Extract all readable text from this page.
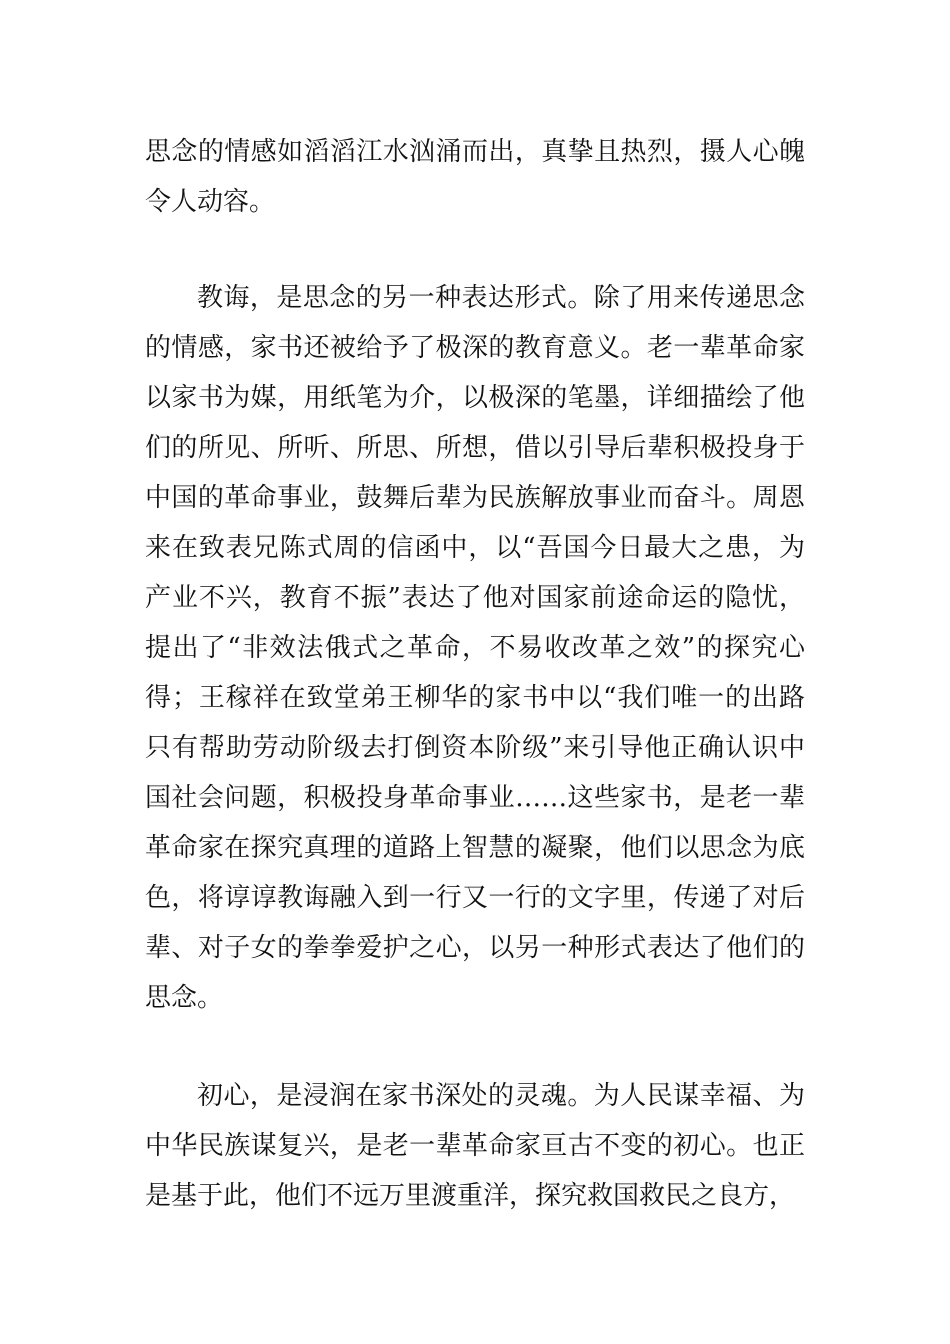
思念的情感如滔滔江水汹涌而出，真挚且热烈，摄人心魄令人动容。

教诲，是思念的另一种表达形式。除了用来传递思念的情感，家书还被给予了极深的教育意义。老一辈革命家以家书为媒，用纸笔为介，以极深的笔墨，详细描绘了他们的所见、所听、所思、所想，借以引导后辈积极投身于中国的革命事业，鼓舞后辈为民族解放事业而奋斗。周恩来在致表兄陈式周的信函中，以“吾国今日最大之患，为产业不兴，教育不振”表达了他对国家前途命运的隐忧，提出了“非效法俄式之革命，不易收改革之效”的探究心得；王稼祥在致堂弟王柳华的家书中以“我们唯一的出路只有帮助劳动阶级去打倒资本阶级”来引导他正确认识中国社会问题，积极投身革命事业……这些家书，是老一辈革命家在探究真理的道路上智慧的凝聚，他们以思念为底色，将谆谆教诲融入到一行又一行的文字里，传递了对后辈、对子女的拳拳爱护之心，以另一种形式表达了他们的思念。

初心，是浸润在家书深处的灵魂。为人民谋幸福、为中华民族谋复兴，是老一辈革命家亘古不变的初心。也正是基于此，他们不远万里渡重洋，探究救国救民之良方，
